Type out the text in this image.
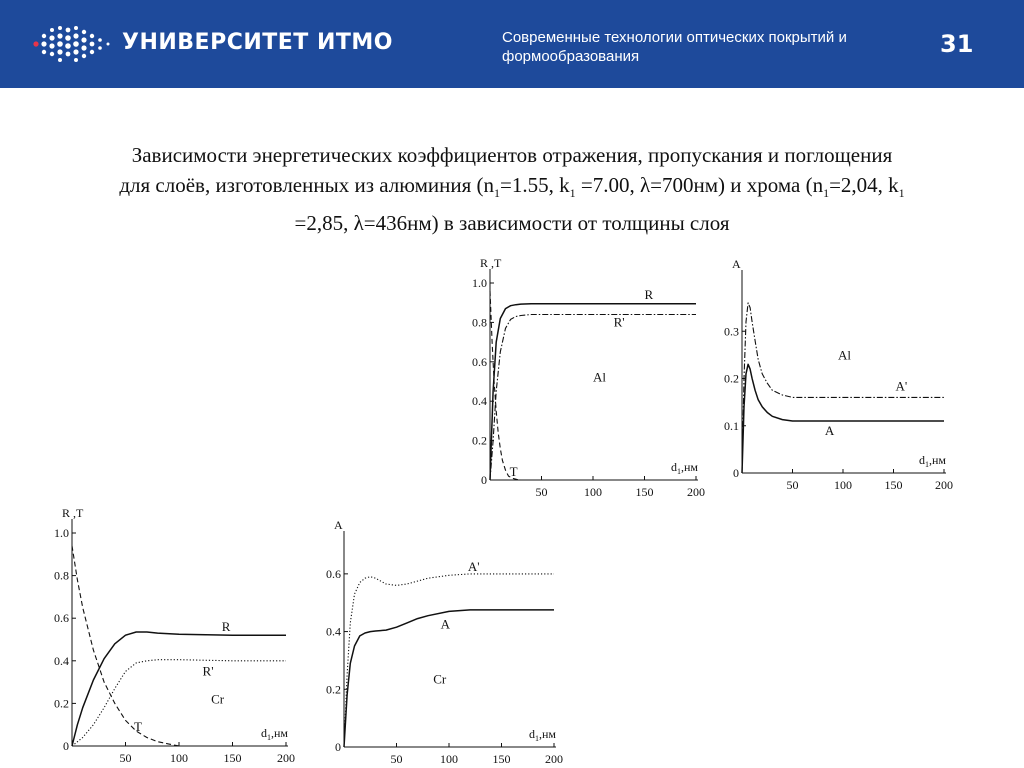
УНИВЕРСИТЕТ ИТМО	Современные технологии оптических покрытий и формообразования	31
Зависимости энергетических коэффициентов отражения, пропускания и поглощения
для слоёв, изготовленных из алюминия ($n_1=1.55$, $k_1 =7.00$, λ=700нм) и хрома ($n_1=2,04$, $k_1$
=2,85, λ=436нм) в зависимости от толщины слоя
0.2
0.4
0.6
0.8
1.0
0
50	100	150	200
R ,T
$d_1,нм$
R
R'
T
Al
0.1
0.2
0.3
0
50	100	150	200
A
$d_1,нм$
A'
A
Al
0.2
0.4
0.6
0.8
1.0
0
50	100	150	200
R ,T
$d_1,нм$
R
R'
T
Cr
0.2
0.4
0.6
0
50	100	150	200
A
$d_1,нм$
A'
A
Cr
